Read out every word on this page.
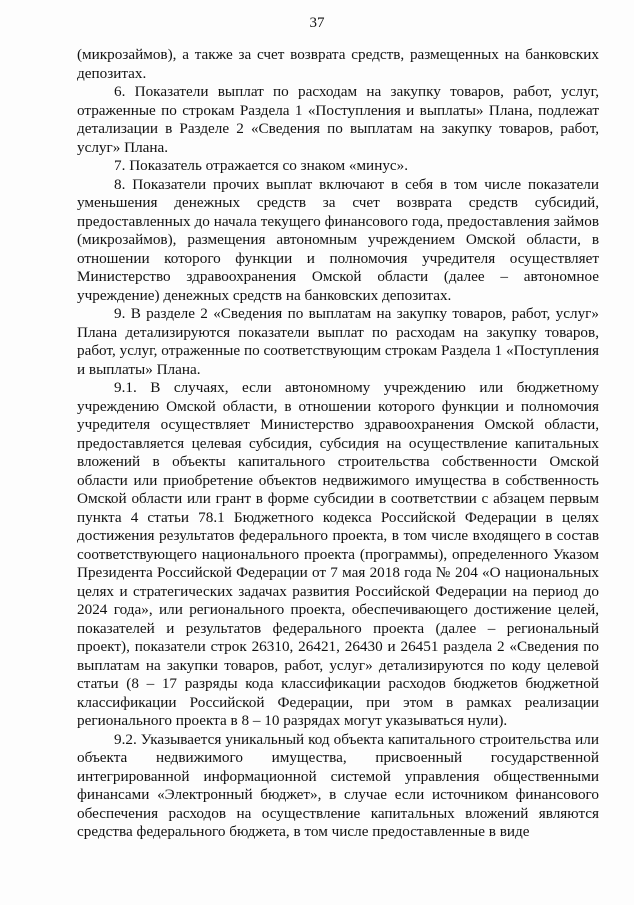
37

(микрозаймов), а также за счет возврата средств, размещенных на банковских депозитах.

6. Показатели выплат по расходам на закупку товаров, работ, услуг, отраженные по строкам Раздела 1 «Поступления и выплаты» Плана, подлежат детализации в Разделе 2 «Сведения по выплатам на закупку товаров, работ, услуг» Плана.

7. Показатель отражается со знаком «минус».

8. Показатели прочих выплат включают в себя в том числе показатели уменьшения денежных средств за счет возврата средств субсидий, предоставленных до начала текущего финансового года, предоставления займов (микрозаймов), размещения автономным учреждением Омской области, в отношении которого функции и полномочия учредителя осуществляет Министерство здравоохранения Омской области (далее – автономное учреждение) денежных средств на банковских депозитах.

9. В разделе 2 «Сведения по выплатам на закупку товаров, работ, услуг» Плана детализируются показатели выплат по расходам на закупку товаров, работ, услуг, отраженные по соответствующим строкам Раздела 1 «Поступления и выплаты» Плана.

9.1. В случаях, если автономному учреждению или бюджетному учреждению Омской области, в отношении которого функции и полномочия учредителя осуществляет Министерство здравоохранения Омской области, предоставляется целевая субсидия, субсидия на осуществление капитальных вложений в объекты капитального строительства собственности Омской области или приобретение объектов недвижимого имущества в собственность Омской области или грант в форме субсидии в соответствии с абзацем первым пункта 4 статьи 78.1 Бюджетного кодекса Российской Федерации в целях достижения результатов федерального проекта, в том числе входящего в состав соответствующего национального проекта (программы), определенного Указом Президента Российской Федерации от 7 мая 2018 года № 204 «О национальных целях и стратегических задачах развития Российской Федерации на период до 2024 года», или регионального проекта, обеспечивающего достижение целей, показателей и результатов федерального проекта (далее – региональный проект), показатели строк 26310, 26421, 26430 и 26451 раздела 2 «Сведения по выплатам на закупки товаров, работ, услуг» детализируются по коду целевой статьи (8 – 17 разряды кода классификации расходов бюджетов бюджетной классификации Российской Федерации, при этом в рамках реализации регионального проекта в 8 – 10 разрядах могут указываться нули).

9.2. Указывается уникальный код объекта капитального строительства или объекта недвижимого имущества, присвоенный государственной интегрированной информационной системой управления общественными финансами «Электронный бюджет», в случае если источником финансового обеспечения расходов на осуществление капитальных вложений являются средства федерального бюджета, в том числе предоставленные в виде
